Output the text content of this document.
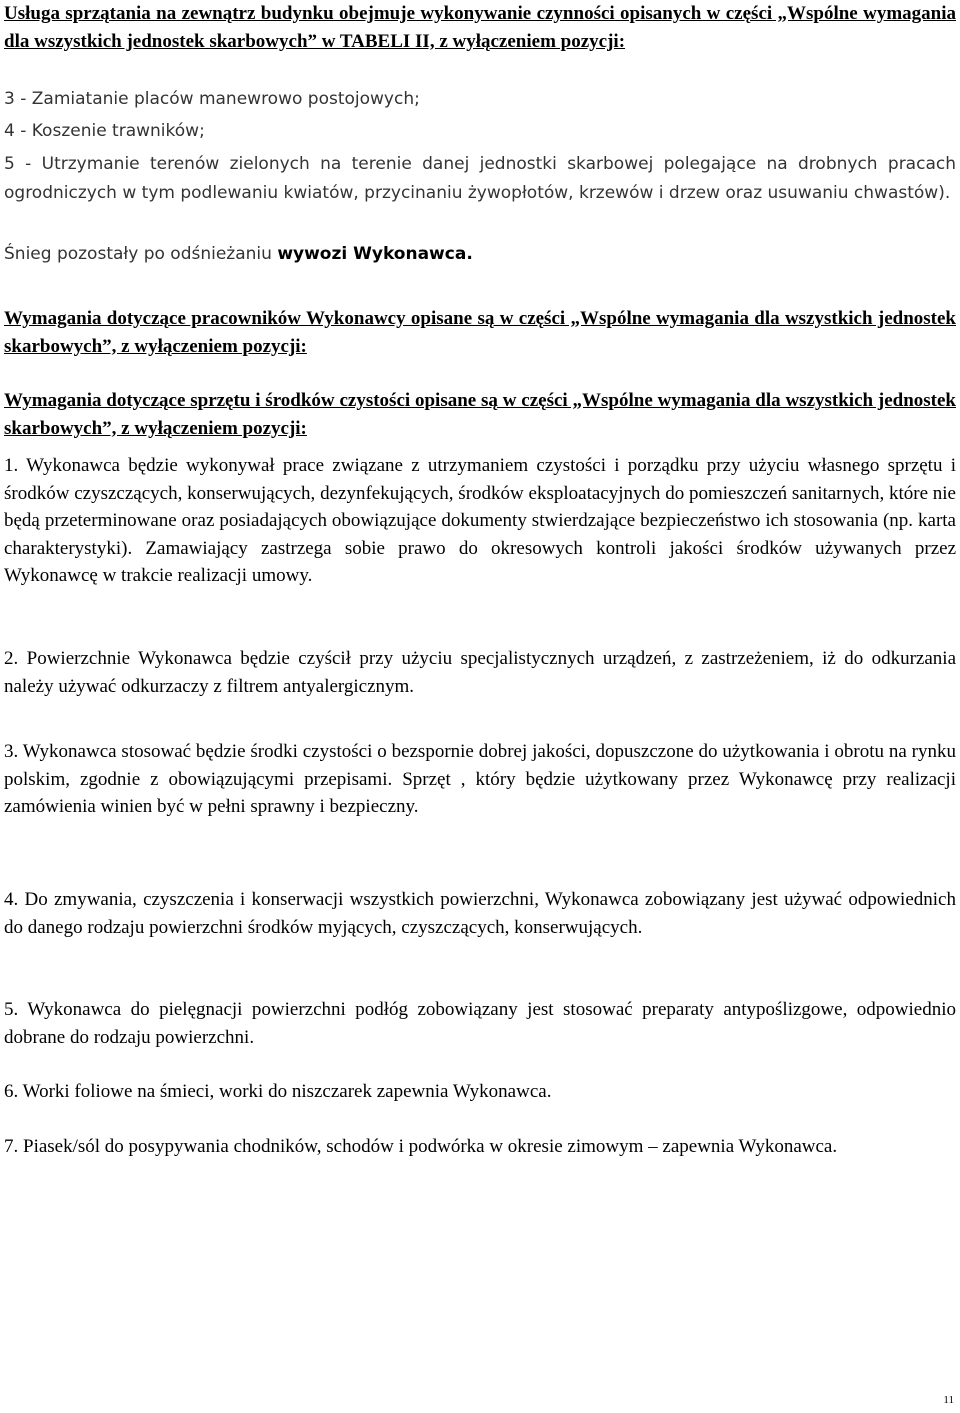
Usługa sprzątania na zewnątrz budynku obejmuje wykonywanie czynności opisanych w części „Wspólne wymagania dla wszystkich jednostek skarbowych” w TABELI II, z wyłączeniem pozycji:
3 - Zamiatanie placów manewrowo postojowych;
4 - Koszenie trawników;
5 - Utrzymanie terenów zielonych na terenie danej jednostki skarbowej polegające na drobnych pracach ogrodniczych w tym podlewaniu kwiatów, przycinaniu żywopłotów, krzewów i drzew oraz usuwaniu chwastów).
Śnieg pozostały po odśnieżaniu wywozi Wykonawca.
Wymagania dotyczące pracowników Wykonawcy opisane są w części „Wspólne wymagania dla wszystkich jednostek skarbowych”, z wyłączeniem pozycji:
Wymagania dotyczące sprzętu i środków czystości opisane są w części „Wspólne wymagania dla wszystkich jednostek skarbowych”, z wyłączeniem pozycji:
1. Wykonawca będzie wykonywał prace związane z utrzymaniem czystości i porządku przy użyciu własnego sprzętu i środków czyszczących, konserwujących, dezynfekujących, środków eksploatacyjnych do pomieszczeń sanitarnych, które nie będą przeterminowane oraz posiadających obowiązujące dokumenty stwierdzające bezpieczeństwo ich stosowania (np. karta charakterystyki). Zamawiający zastrzega sobie prawo do okresowych kontroli jakości środków używanych przez Wykonawcę w trakcie realizacji umowy.
2. Powierzchnie Wykonawca będzie czyścił przy użyciu specjalistycznych urządzeń, z zastrzeżeniem, iż do odkurzania należy używać odkurzaczy z filtrem antyalergicznym.
3. Wykonawca stosować będzie środki czystości o bezspornie dobrej jakości, dopuszczone do użytkowania i obrotu na rynku polskim, zgodnie z obowiązującymi przepisami. Sprzęt , który będzie użytkowany przez Wykonawcę przy realizacji zamówienia winien być w pełni sprawny i bezpieczny.
4. Do zmywania, czyszczenia i konserwacji wszystkich powierzchni, Wykonawca zobowiązany jest używać odpowiednich do danego rodzaju powierzchni środków myjących, czyszczących, konserwujących.
5. Wykonawca do pielęgnacji powierzchni podłóg zobowiązany jest stosować preparaty antypoślizgowe, odpowiednio dobrane do rodzaju powierzchni.
6. Worki foliowe na śmieci, worki do niszczarek zapewnia Wykonawca.
7. Piasek/sól do posypywania chodników, schodów i podwórka w okresie zimowym – zapewnia Wykonawca.
11
